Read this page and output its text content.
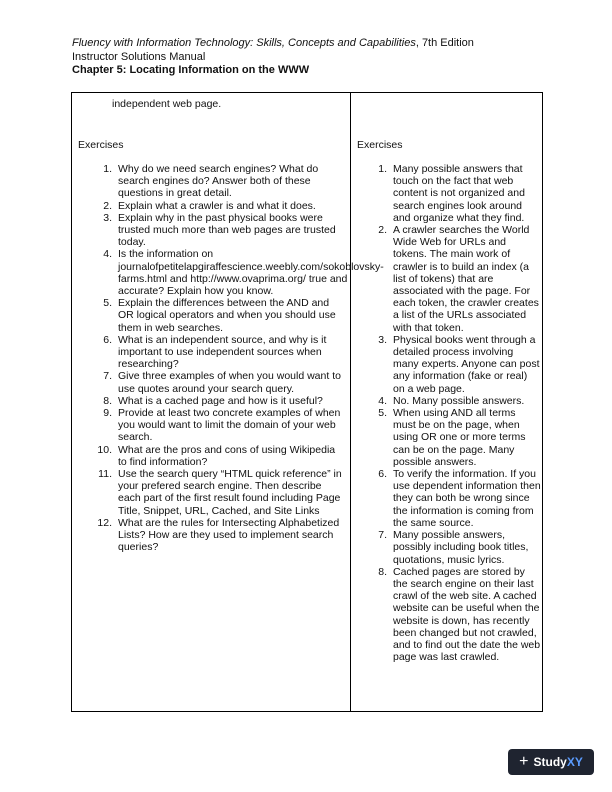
Fluency with Information Technology: Skills, Concepts and Capabilities, 7th Edition
Instructor Solutions Manual
Chapter 5: Locating Information on the WWW
independent web page.
Exercises
1. Why do we need search engines? What do search engines do? Answer both of these questions in great detail.
2. Explain what a crawler is and what it does.
3. Explain why in the past physical books were trusted much more than web pages are trusted today.
4. Is the information on journalofpetitelapgiraffescience.weebly.com/sokoblovsky-farms.html and http://www.ovaprima.org/ true and accurate? Explain how you know.
5. Explain the differences between the AND and OR logical operators and when you should use them in web searches.
6. What is an independent source, and why is it important to use independent sources when researching?
7. Give three examples of when you would want to use quotes around your search query.
8. What is a cached page and how is it useful?
9. Provide at least two concrete examples of when you would want to limit the domain of your web search.
10. What are the pros and cons of using Wikipedia to find information?
11. Use the search query “HTML quick reference” in your prefered search engine. Then describe each part of the first result found including Page Title, Snippet, URL, Cached, and Site Links
12. What are the rules for Intersecting Alphabetized Lists? How are they used to implement search queries?
Exercises
1. Many possible answers that touch on the fact that web content is not organized and search engines look around and organize what they find.
2. A crawler searches the World Wide Web for URLs and tokens. The main work of crawler is to build an index (a list of tokens) that are associated with the page. For each token, the crawler creates a list of the URLs associated with that token.
3. Physical books went through a detailed process involving many experts. Anyone can post any information (fake or real) on a web page.
4. No. Many possible answers.
5. When using AND all terms must be on the page, when using OR one or more terms can be on the page. Many possible answers.
6. To verify the information. If you use dependent information then they can both be wrong since the information is coming from the same source.
7. Many possible answers, possibly including book titles, quotations, music lyrics.
8. Cached pages are stored by the search engine on their last crawl of the web site. A cached website can be useful when the website is down, has recently been changed but not crawled, and to find out the date the web page was last crawled.
+ StudyXY
